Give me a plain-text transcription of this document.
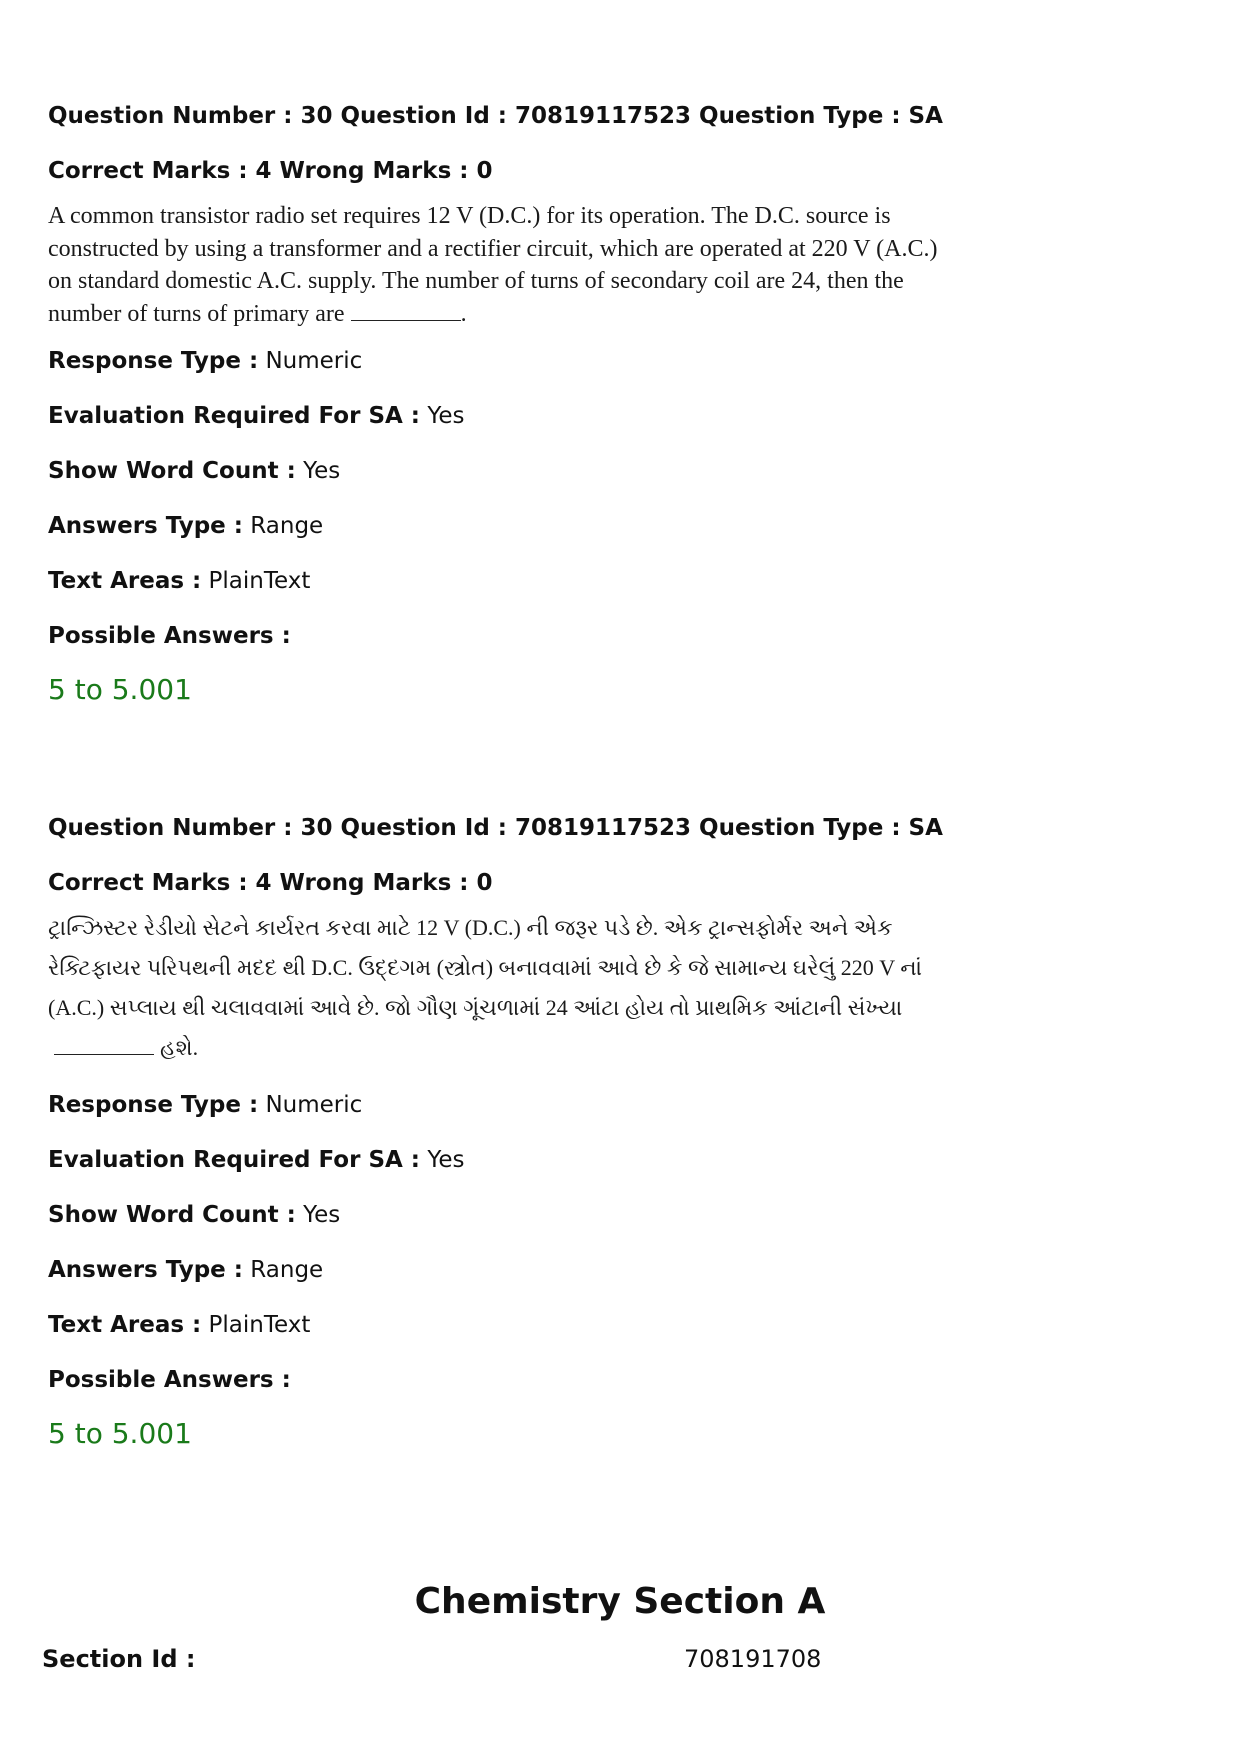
Question Number : 30 Question Id : 70819117523 Question Type : SA
Correct Marks : 4 Wrong Marks : 0
A common transistor radio set requires 12 V (D.C.) for its operation. The D.C. source is constructed by using a transformer and a rectifier circuit, which are operated at 220 V (A.C.) on standard domestic A.C. supply. The number of turns of secondary coil are 24, then the number of turns of primary are	.
Response Type : Numeric
Evaluation Required For SA : Yes
Show Word Count : Yes
Answers Type : Range
Text Areas : PlainText
Possible Answers :
5 to 5.001
Question Number : 30 Question Id : 70819117523 Question Type : SA
Correct Marks : 4 Wrong Marks : 0
ટ્રાન્ઝિસ્ટર રેડીયો સેટને કાર્યરત કરવા માટે 12 V (D.C.) ની જરૂર પડે છે. એક ટ્રાન્સફોર્મર અને એક રેક્ટિફાયર પરિપથની મદદ થી D.C. ઉદ્દગમ (સ્ત્રોત) બનાવવામાં આવે છે કે જે સામાન્ય ઘરેલું 220 V નાં (A.C.) સપ્લાય થી ચલાવવામાં આવે છે. જો ગૌણ ગૂંચળામાં 24 આંટા હોય તો પ્રાથમિક આંટાની સંખ્યાહશે.
Response Type : Numeric
Evaluation Required For SA : Yes
Show Word Count : Yes
Answers Type : Range
Text Areas : PlainText
Possible Answers :
5 to 5.001
Chemistry Section A
Section Id :	708191708
